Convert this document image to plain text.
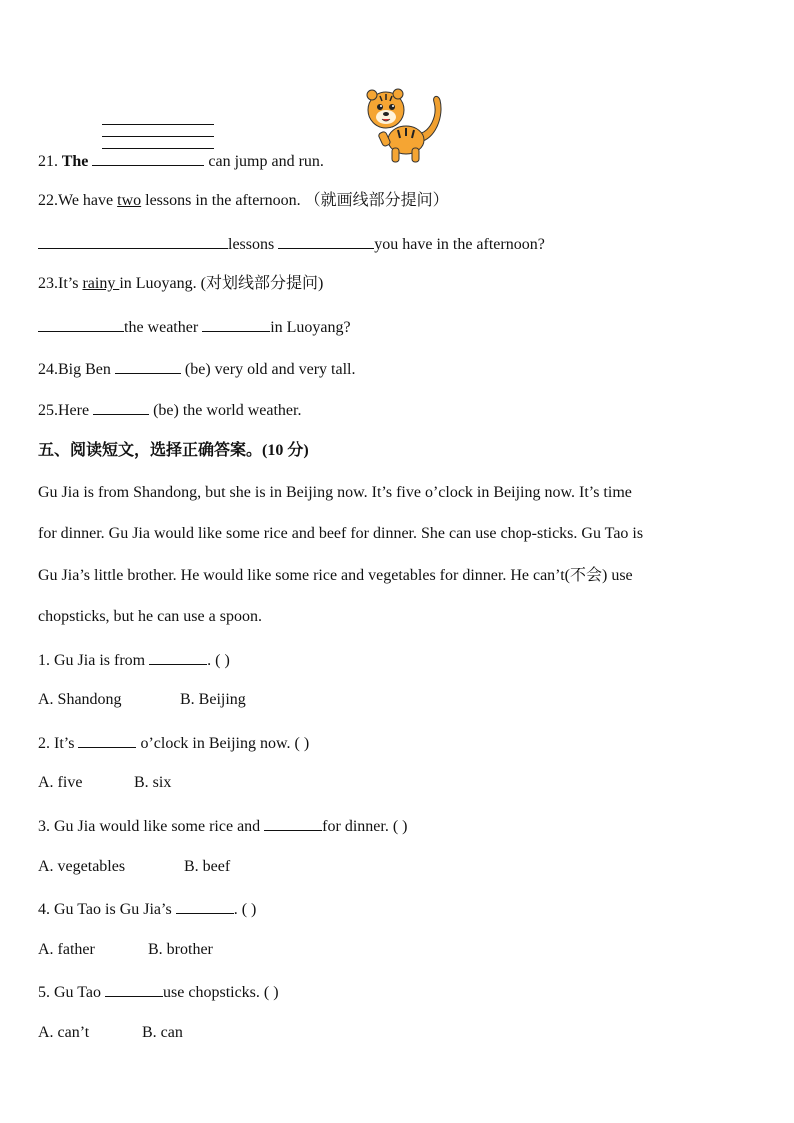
21. The	can jump and run.
22.We have two lessons in the afternoon. （就画线部分提问）
lessons	you have in the afternoon?
23.It’s rainy in Luoyang. (对划线部分提问)
the weather	in Luoyang?
24.Big Ben	(be) very old and very tall.
25.Here	(be) the world weather.
五、阅读短文，选择正确答案。(10 分)
Gu Jia is from Shandong, but she is in Beijing now. It’s five o’clock in Beijing now. It’s time
for dinner. Gu Jia would like some rice and beef for dinner. She can use chop-sticks. Gu Tao is
Gu Jia’s little brother. He would like some rice and vegetables for dinner. He can’t(不会) use
chopsticks, but he can use a spoon.
1. Gu Jia is from	. ( )
A. Shandong	B. Beijing
2. It’s	o’clock in Beijing now. ( )
A. five	B. six
3. Gu Jia would like some rice and	for dinner. ( )
A. vegetables	B. beef
4. Gu Tao is Gu Jia’s	. ( )
A. father	B. brother
5. Gu Tao	use chopsticks. ( )
A. can’t	B. can
